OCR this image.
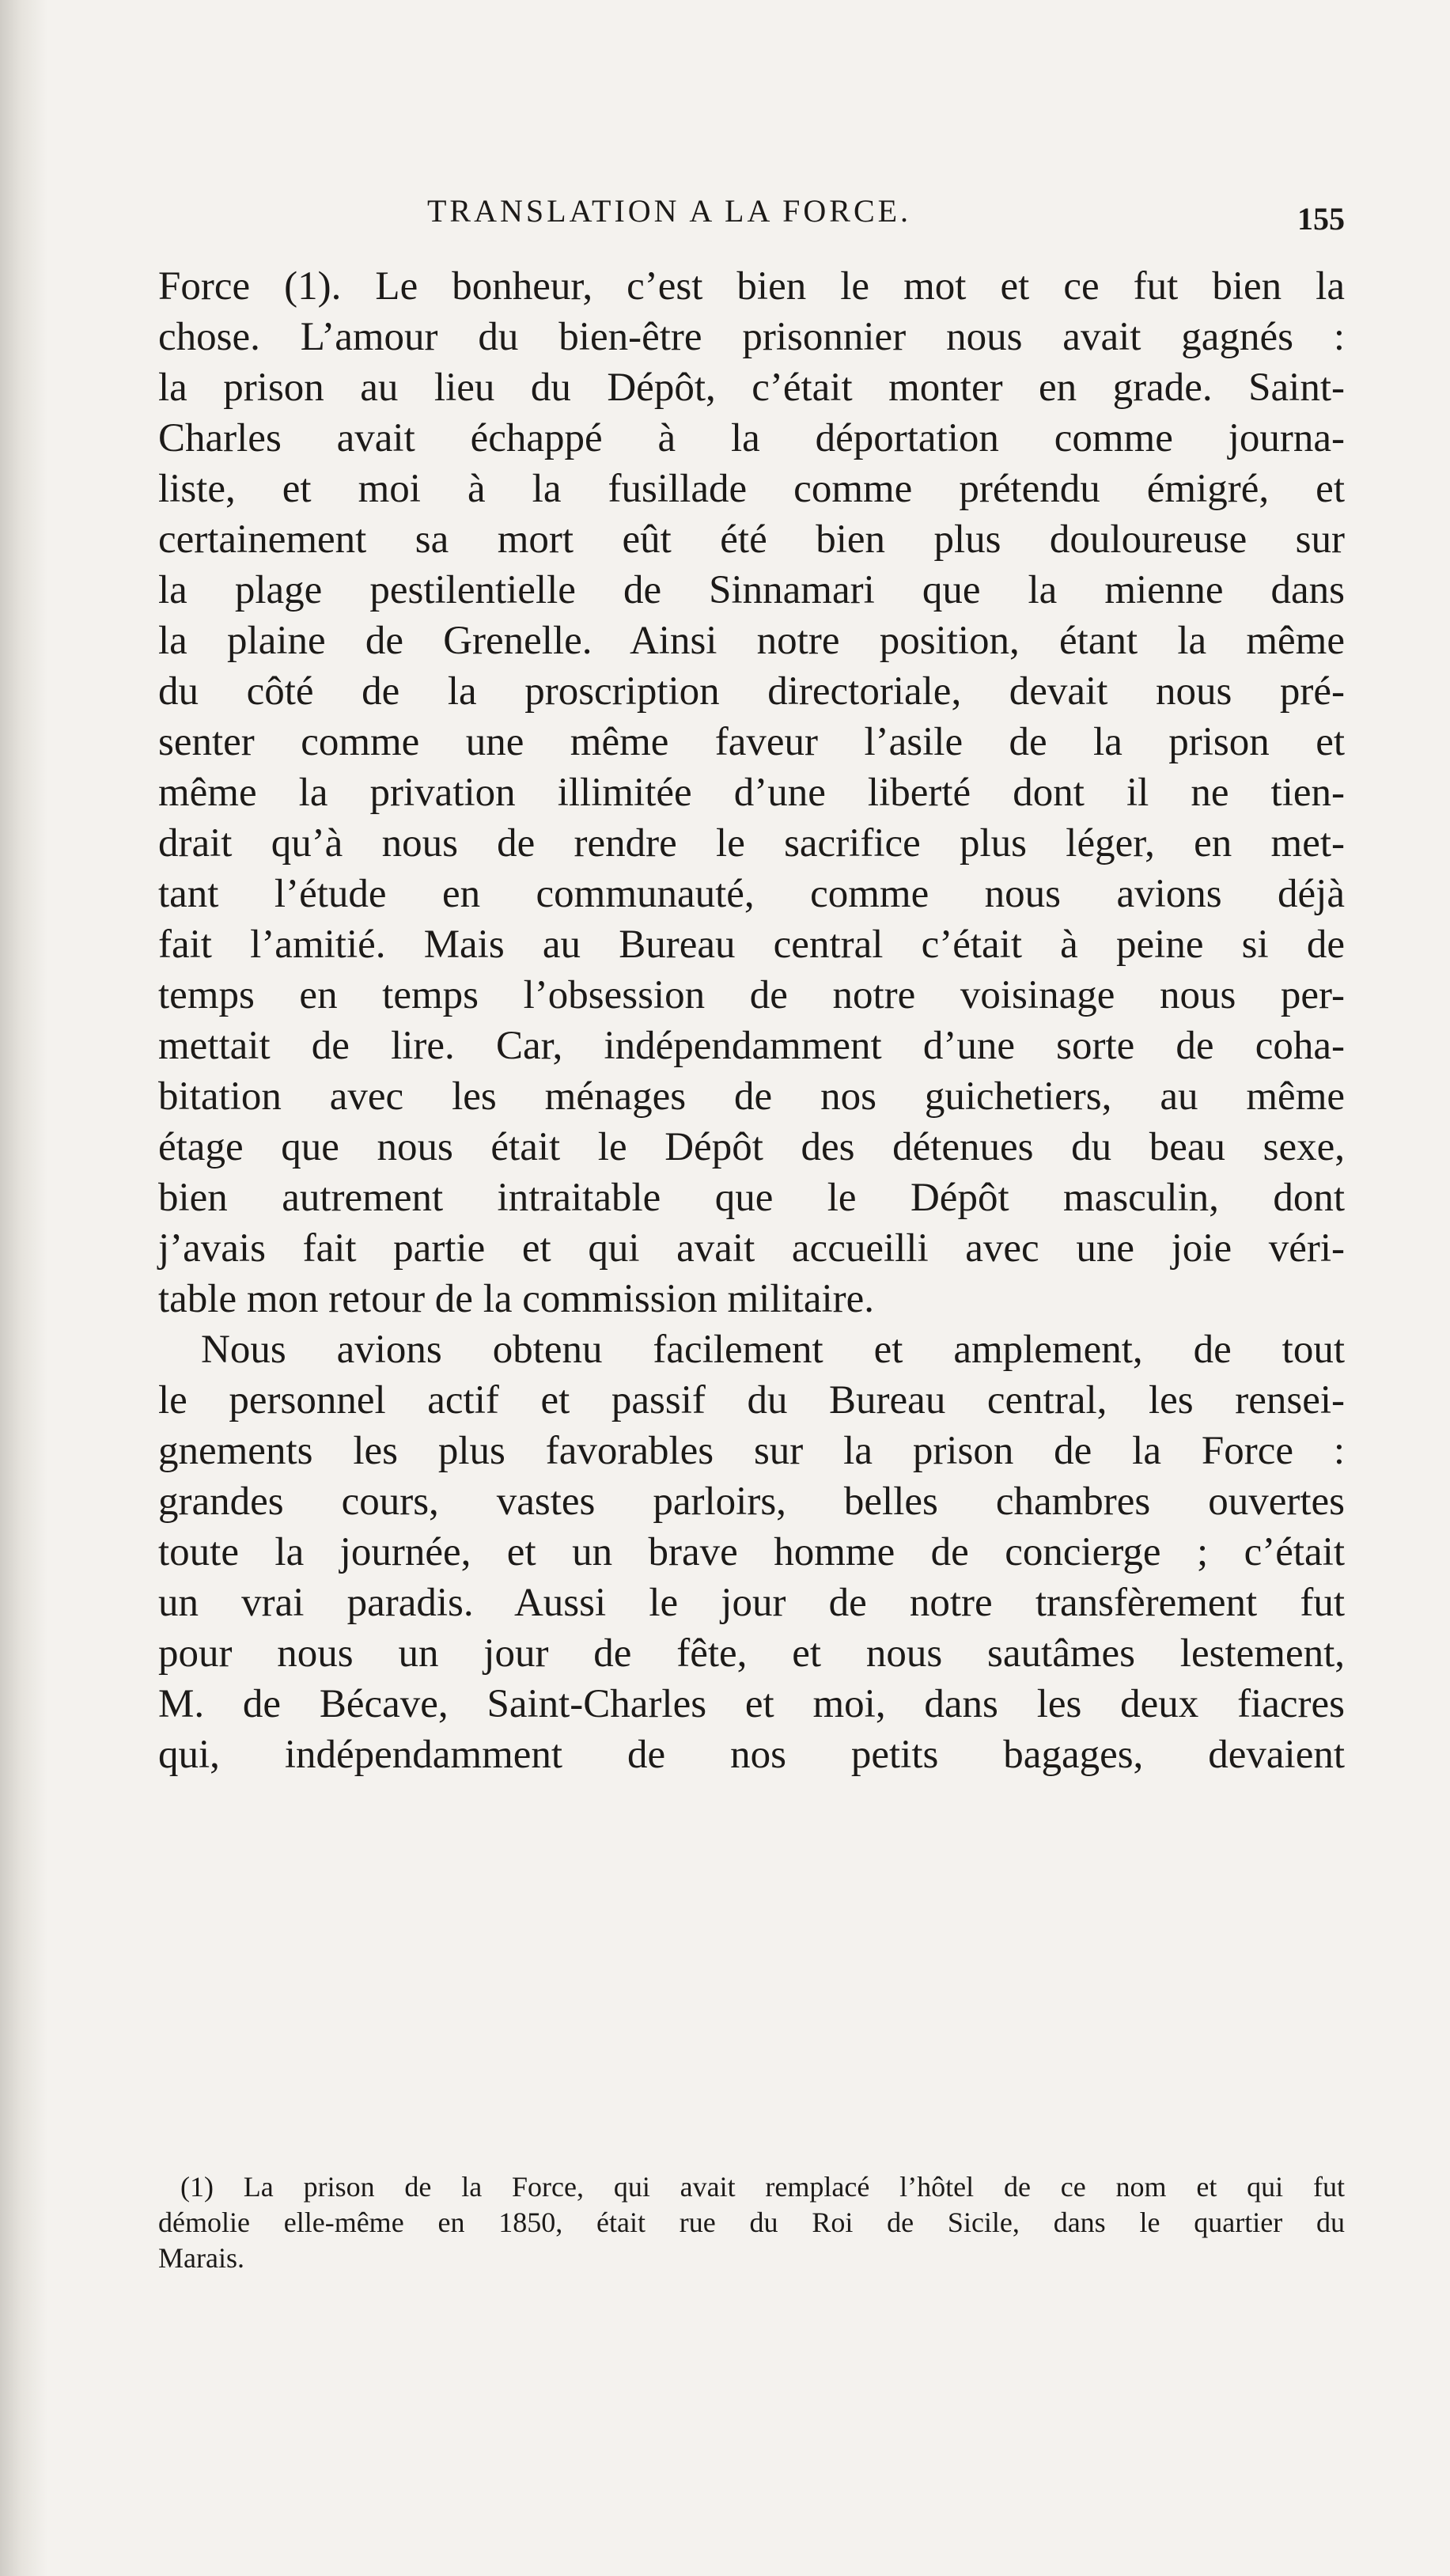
TRANSLATION A LA FORCE.	155
Force (1). Le bonheur, c’est bien le mot et ce fut bien la
chose. L’amour du bien-être prisonnier nous avait gagnés :
la prison au lieu du Dépôt, c’était monter en grade. Saint-
Charles avait échappé à la déportation comme journa-
liste, et moi à la fusillade comme prétendu émigré, et
certainement sa mort eût été bien plus douloureuse sur
la plage pestilentielle de Sinnamari que la mienne dans
la plaine de Grenelle. Ainsi notre position, étant la même
du côté de la proscription directoriale, devait nous pré-
senter comme une même faveur l’asile de la prison et
même la privation illimitée d’une liberté dont il ne tien-
drait qu’à nous de rendre le sacrifice plus léger, en met-
tant l’étude en communauté, comme nous avions déjà
fait l’amitié. Mais au Bureau central c’était à peine si de
temps en temps l’obsession de notre voisinage nous per-
mettait de lire. Car, indépendamment d’une sorte de coha-
bitation avec les ménages de nos guichetiers, au même
étage que nous était le Dépôt des détenues du beau sexe,
bien autrement intraitable que le Dépôt masculin, dont
j’avais fait partie et qui avait accueilli avec une joie véri-
table mon retour de la commission militaire.
Nous avions obtenu facilement et amplement, de tout
le personnel actif et passif du Bureau central, les rensei-
gnements les plus favorables sur la prison de la Force :
grandes cours, vastes parloirs, belles chambres ouvertes
toute la journée, et un brave homme de concierge ; c’était
un vrai paradis. Aussi le jour de notre transfèrement fut
pour nous un jour de fête, et nous sautâmes lestement,
M. de Bécave, Saint-Charles et moi, dans les deux fiacres
qui, indépendamment de nos petits bagages, devaient
(1) La prison de la Force, qui avait remplacé l’hôtel de ce nom et qui fut
démolie elle-même en 1850, était rue du Roi de Sicile, dans le quartier du
Marais.
